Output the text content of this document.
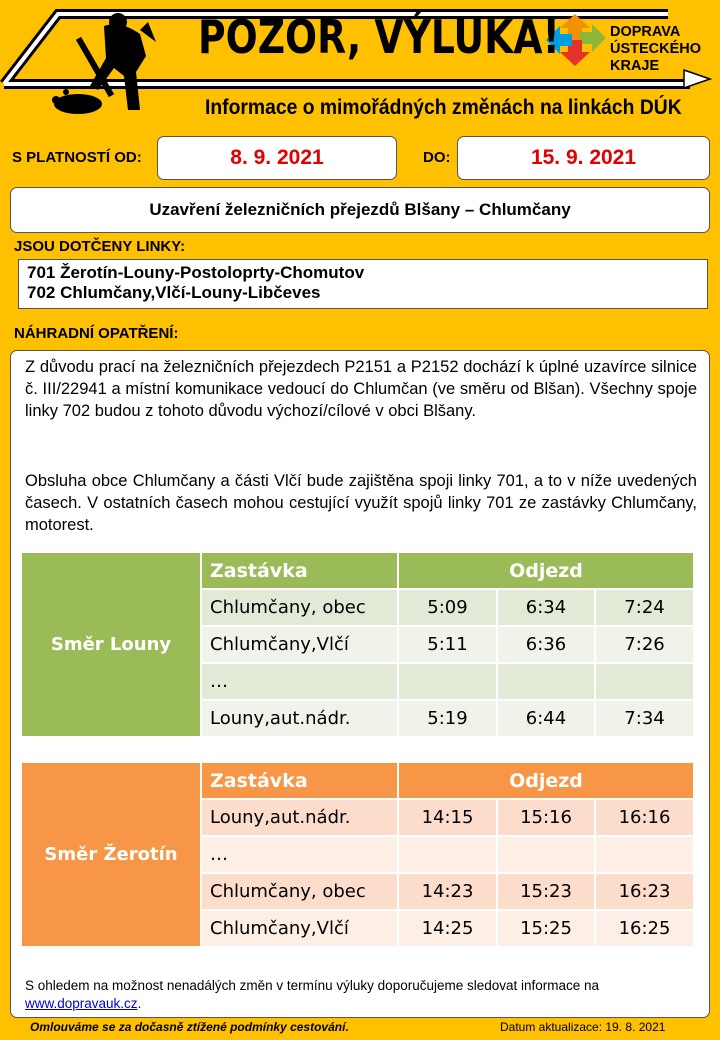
POZOR, VÝLUKA!
Informace o mimořádných změnách na linkách DÚK
DOPRAVA
ÚSTECKÉHO
KRAJE
S PLATNOSTÍ OD:	8. 9. 2021	DO:	15. 9. 2021
Uzavření železničních přejezdů Blšany – Chlumčany
JSOU DOTČENY LINKY:
701 Žerotín-Louny-Postoloprty-Chomutov
702 Chlumčany,Vlčí-Louny-Libčeves
NÁHRADNÍ OPATŘENÍ:
Z důvodu prací na železničních přejezdech P2151 a P2152 dochází k úplné uzavírce silnice č. III/22941 a místní komunikace vedoucí do Chlumčan (ve směru od Blšan). Všechny spoje linky 702 budou z tohoto důvodu výchozí/cílové v obci Blšany.
Obsluha obce Chlumčany a části Vlčí bude zajištěna spoji linky 701, a to v níže uvedených časech. V ostatních časech mohou cestující využít spojů linky 701 ze zastávky Chlumčany, motorest.
Směr Louny	Zastávka	Odjezd		
	Chlumčany, obec	5:09	6:34	7:24
	Chlumčany,Vlčí	5:11	6:36	7:26
	…			
	Louny,aut.nádr.	5:19	6:44	7:34
Směr Žerotín	Zastávka	Odjezd		
	Louny,aut.nádr.	14:15	15:16	16:16
	…			
	Chlumčany, obec	14:23	15:23	16:23
	Chlumčany,Vlčí	14:25	15:25	16:25
S ohledem na možnost nenadálých změn v termínu výluky doporučujeme sledovat informace na
www.dopravauk.cz.
Omlouváme se za dočasně ztížené podmínky cestování.	Datum aktualizace: 19. 8. 2021
